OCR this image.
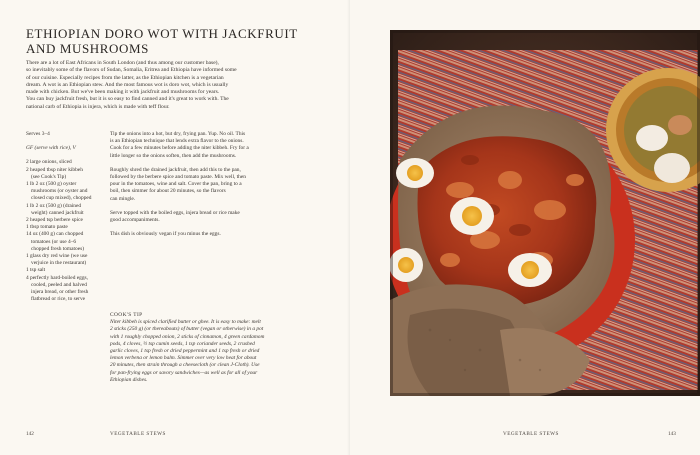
ETHIOPIAN DORO WOT WITH JACKFRUIT
AND MUSHROOMS
There are a lot of East Africans in South London (and thus among our customer base),
so inevitably some of the flavors of Sudan, Somalia, Eritrea and Ethiopia have informed some
of our cuisine. Especially recipes from the latter, as the Ethiopian kitchen is a vegetarian
dream. A wot is an Ethiopian stew. And the most famous wot is doro wot, which is usually
made with chicken. But we've been making it with jackfruit and mushrooms for years.
You can buy jackfruit fresh, but it is so easy to find canned and it's great to work with. The
national carb of Ethiopia is injera, which is made with teff flour.
Serves 3–4
GF (serve with rice), V
2 large onions, sliced
2 heaped tbsp niter kibbeh
(see Cook's Tip)
1 lb 2 oz (500 g) oyster
mushrooms (or oyster and
closed cup mixed), chopped
1 lb 2 oz (500 g) (drained
weight) canned jackfruit
2 heaped tsp berbere spice
1 tbsp tomato paste
14 oz (400 g) can chopped
tomatoes (or use 4–6
chopped fresh tomatoes)
1 glass dry red wine (we use
verjuice in the restaurant)
1 tsp salt
4 perfectly hard-boiled eggs,
cooled, peeled and halved
injera bread, or other fresh
flatbread or rice, to serve
Tip the onions into a hot, but dry, frying pan. Yup. No oil. This
is an Ethiopian technique that lends extra flavor to the onions.
Cook for a few minutes before adding the niter kibbeh. Fry for a
little longer so the onions soften, then add the mushrooms.
Roughly shred the drained jackfruit, then add this to the pan,
followed by the berbere spice and tomato paste. Mix well, then
pour in the tomatoes, wine and salt. Cover the pan, bring to a
boil, then simmer for about 20 minutes, so the flavors
can mingle.
Serve topped with the boiled eggs, injera bread or rice make
good accompaniments.
This dish is obviously vegan if you minus the eggs.
COOK'S TIP
Niter kibbeh is spiced clarified butter or ghee. It is easy to make: melt
2 sticks (250 g) (or thereabouts) of butter (vegan or otherwise) in a pot
with 1 roughly chopped onion, 2 sticks of cinnamon, 4 green cardamom
pods, 4 cloves, ½ tsp cumin seeds, 1 tsp coriander seeds, 2 crushed
garlic cloves, 1 tsp fresh or dried peppermint and 1 tsp fresh or dried
lemon verbena or lemon balm. Simmer over very low heat for about
20 minutes, then strain through a cheesecloth (or clean J-Cloth). Use
for pan-frying eggs or savory sandwiches—as well as for all of your
Ethiopian dishes.
142	VEGETABLE STEWS	VEGETABLE STEWS	143
